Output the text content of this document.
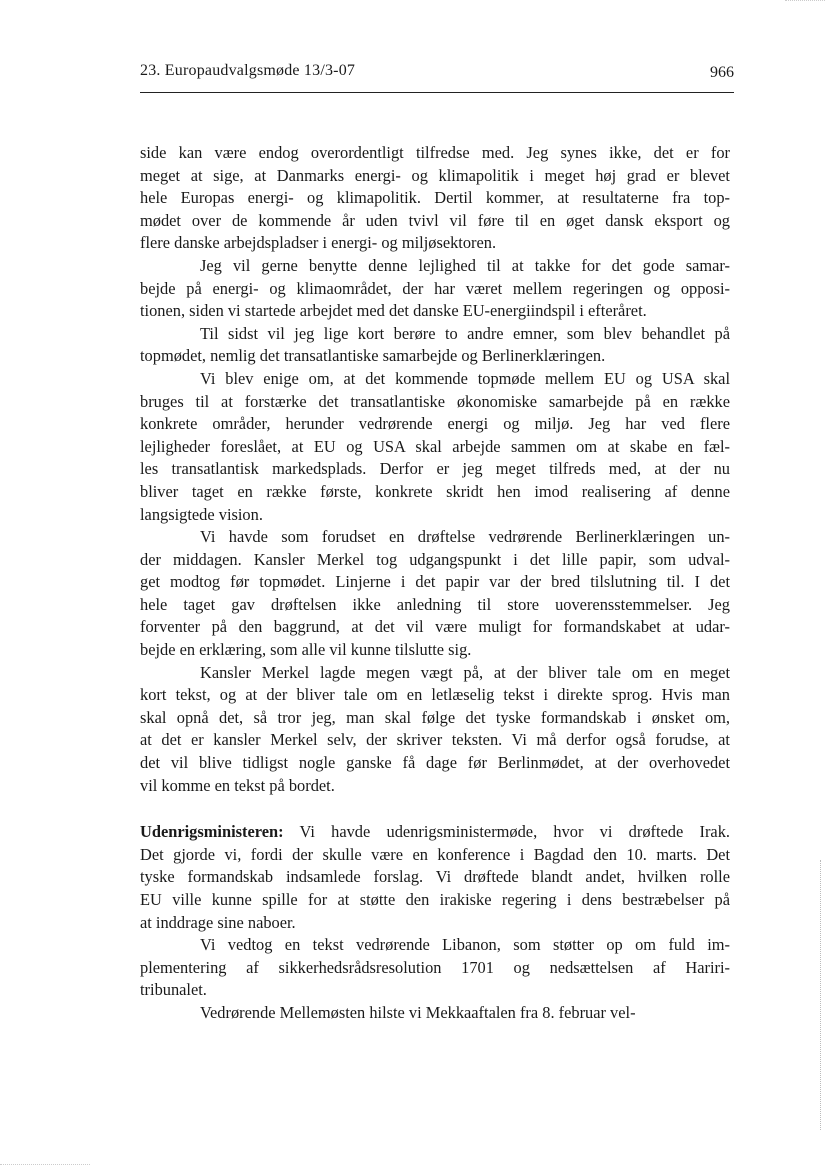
23. Europaudvalgsmøde 13/3-07	966
side kan være endog overordentligt tilfredse med. Jeg synes ikke, det er for
meget at sige, at Danmarks energi- og klimapolitik i meget høj grad er blevet
hele Europas energi- og klimapolitik. Dertil kommer, at resultaterne fra top-
mødet over de kommende år uden tvivl vil føre til en øget dansk eksport og
flere danske arbejdspladser i energi- og miljøsektoren.
Jeg vil gerne benytte denne lejlighed til at takke for det gode samar-
bejde på energi- og klimaområdet, der har været mellem regeringen og opposi-
tionen, siden vi startede arbejdet med det danske EU-energiindspil i efteråret.
Til sidst vil jeg lige kort berøre to andre emner, som blev behandlet på
topmødet, nemlig det transatlantiske samarbejde og Berlinerklæringen.
Vi blev enige om, at det kommende topmøde mellem EU og USA skal
bruges til at forstærke det transatlantiske økonomiske samarbejde på en række
konkrete områder, herunder vedrørende energi og miljø. Jeg har ved flere
lejligheder foreslået, at EU og USA skal arbejde sammen om at skabe en fæl-
les transatlantisk markedsplads. Derfor er jeg meget tilfreds med, at der nu
bliver taget en række første, konkrete skridt hen imod realisering af denne
langsigtede vision.
Vi havde som forudset en drøftelse vedrørende Berlinerklæringen un-
der middagen. Kansler Merkel tog udgangspunkt i det lille papir, som udval-
get modtog før topmødet. Linjerne i det papir var der bred tilslutning til. I det
hele taget gav drøftelsen ikke anledning til store uoverensstemmelser. Jeg
forventer på den baggrund, at det vil være muligt for formandskabet at udar-
bejde en erklæring, som alle vil kunne tilslutte sig.
Kansler Merkel lagde megen vægt på, at der bliver tale om en meget
kort tekst, og at der bliver tale om en letlæselig tekst i direkte sprog. Hvis man
skal opnå det, så tror jeg, man skal følge det tyske formandskab i ønsket om,
at det er kansler Merkel selv, der skriver teksten. Vi må derfor også forudse, at
det vil blive tidligst nogle ganske få dage før Berlinmødet, at der overhovedet
vil komme en tekst på bordet.
Udenrigsministeren: Vi havde udenrigsministermøde, hvor vi drøftede Irak.
Det gjorde vi, fordi der skulle være en konference i Bagdad den 10. marts. Det
tyske formandskab indsamlede forslag. Vi drøftede blandt andet, hvilken rolle
EU ville kunne spille for at støtte den irakiske regering i dens bestræbelser på
at inddrage sine naboer.
Vi vedtog en tekst vedrørende Libanon, som støtter op om fuld im-
plementering af sikkerhedsrådsresolution 1701 og nedsættelsen af Hariri-
tribunalet.
Vedrørende Mellemøsten hilste vi Mekkaaftalen fra 8. februar vel-
